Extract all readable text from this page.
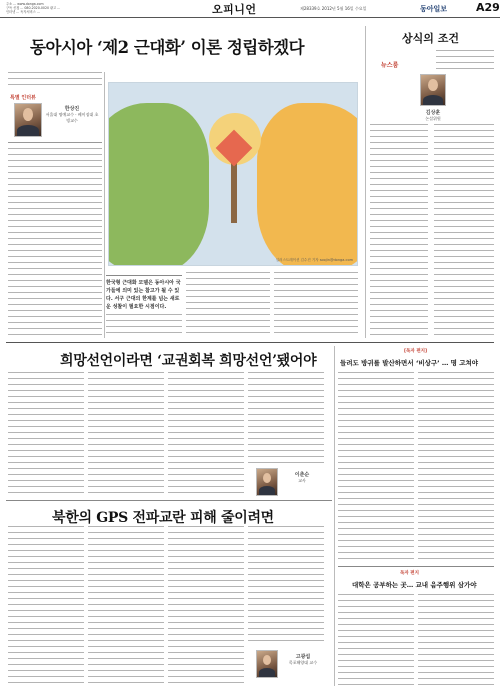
주소 ... www.donga.com
구독 신청 ... 080-2020-0020 광고 ...
인터넷 ... 독자서비스 ...	오피니언	제28339호 2012년 5월 16일 수요일	동아일보	A29
동아시아 ‘제2 근대화’ 이론 정립하겠다
특별 인터뷰
한상진
서울대 명예교수 · 베이징대 초빙교수
일러스트레이션 김수진 기자 soojin@donga.com
한국형 근대화 모델은 동아시아 국가들에 의미 있는 참고가 될 수 있다. 서구 근대의 한계를 넘는 새로운 성찰이 필요한 시점이다.
상식의 조건
뉴스룸
김상훈
논설위원
희망선언이라면 ‘교권회복 희망선언’됐어야
이춘순
교사
북한의 GPS 전파교란 피해 줄이려면
고광섭
목포해양대 교수
[독자 편지]
들려도 방귀를 발산하면서 ‘비상구’ … 명 고쳐야
독자 편지
대학은 공부하는 곳… 교내 음주행위 삼가야
